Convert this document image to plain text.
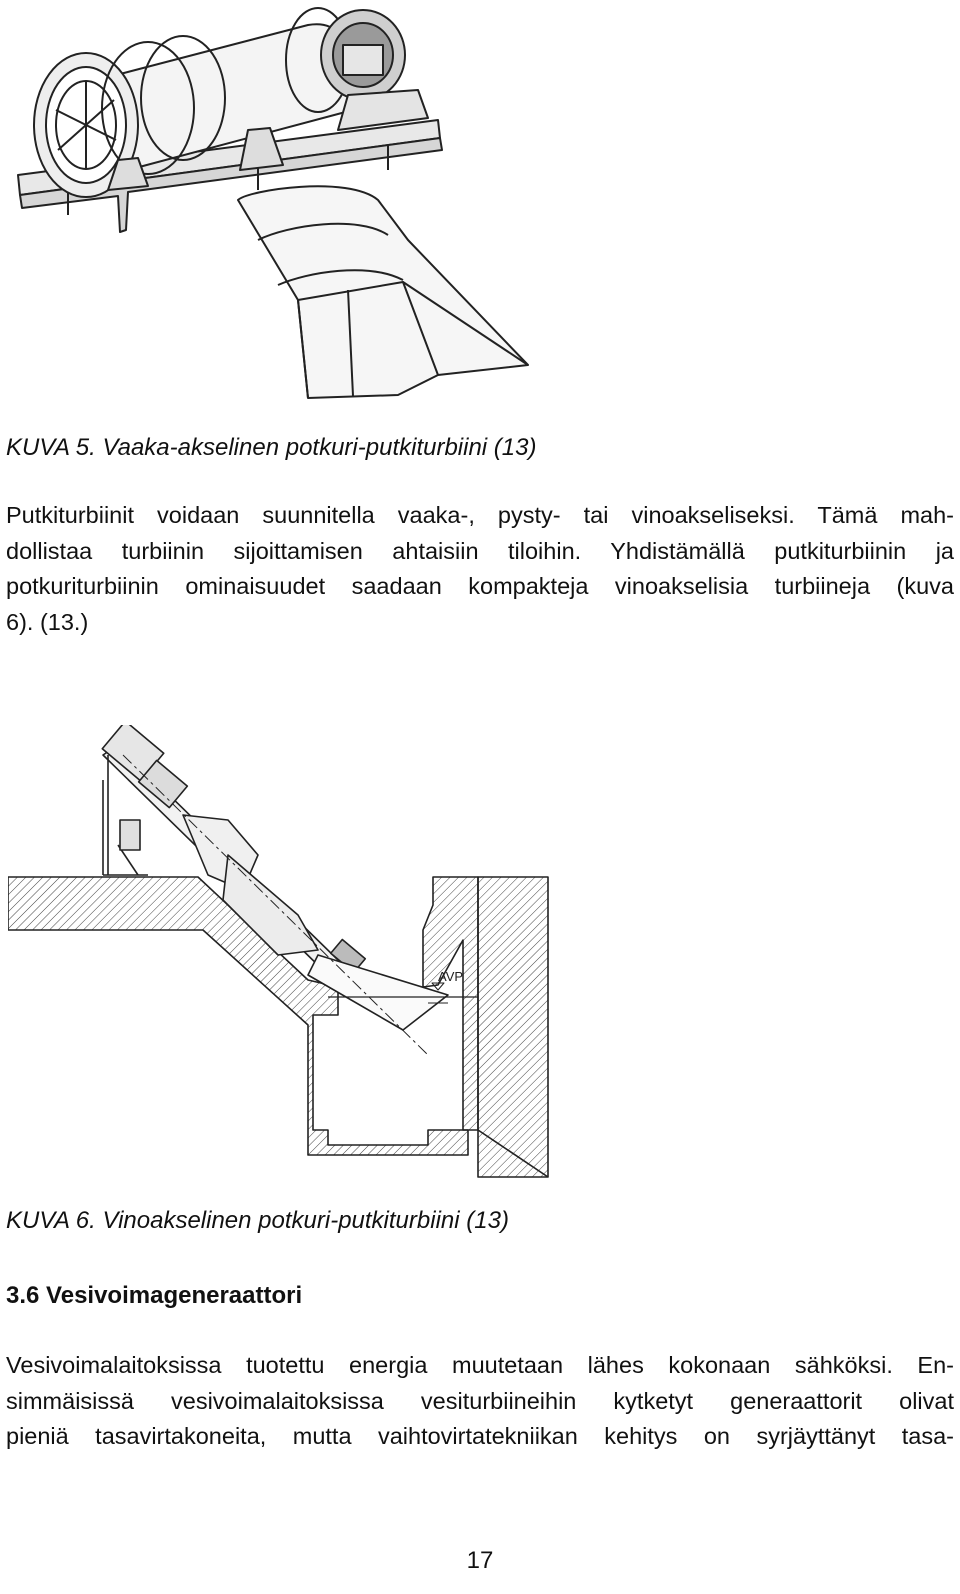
KUVA 5. Vaaka-akselinen potkuri-putkiturbiini (13)

Putkiturbiinit voidaan suunnitella vaaka-, pysty- tai vinoakseliseksi. Tämä mah-
dollistaa turbiinin sijoittamisen ahtaisiin tiloihin. Yhdistämällä putkiturbiinin ja
potkuriturbiinin ominaisuudet saadaan kompakteja vinoakselisia turbiineja (kuva
6). (13.)

AVP
KUVA 6. Vinoakselinen potkuri-putkiturbiini (13)
3.6 Vesivoimageneraattori

Vesivoimalaitoksissa tuotettu energia muutetaan lähes kokonaan sähköksi. En-
simmäisissä vesivoimalaitoksissa vesiturbiineihin kytketyt generaattorit olivat
pieniä tasavirtakoneita, mutta vaihtovirtatekniikan kehitys on syrjäyttänyt tasa-

17
